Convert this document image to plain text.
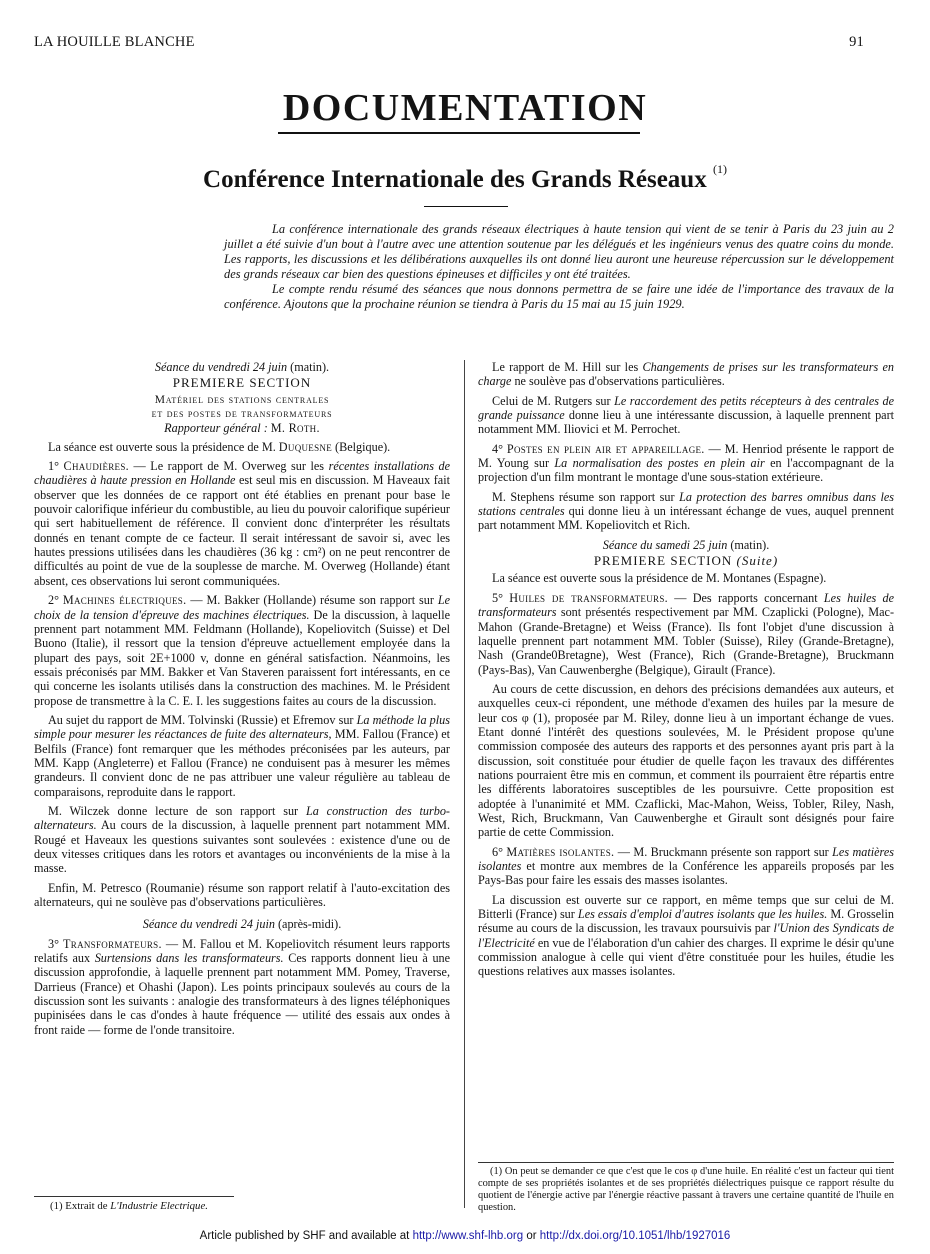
LA HOUILLE BLANCHE	91
DOCUMENTATION
Conférence Internationale des Grands Réseaux $^{(1)}$

La conférence internationale des grands réseaux électriques à haute tension qui vient de se tenir à Paris du 23 juin au 2 juillet a été suivie d'un bout à l'autre avec une attention soutenue par les délégués et les ingénieurs venus des quatre coins du monde. Les rapports, les discussions et les délibérations auxquelles ils ont donné lieu auront une heureuse répercussion sur le développement des grands réseaux car bien des questions épineuses et difficiles y ont été traitées.

Le compte rendu résumé des séances que nous donnons permettra de se faire une idée de l'importance des travaux de la conférence. Ajoutons que la prochaine réunion se tiendra à Paris du 15 mai au 15 juin 1929.

Séance du vendredi 24 juin (matin).

PREMIERE SECTION

Matériel des stations centrales

et des postes de transformateurs

Rapporteur général : M. Roth.

La séance est ouverte sous la présidence de M. Duquesne (Belgique).

1° Chaudières. — Le rapport de M. Overweg sur les récentes installations de chaudières à haute pression en Hollande est seul mis en discussion. M Haveaux fait observer que les données de ce rapport ont été établies en prenant pour base le pouvoir calorifique inférieur du combustible, au lieu du pouvoir calorifique supérieur qui sert habituellement de référence. Il convient donc d'interpréter les résultats donnés en tenant compte de ce facteur. Il serait intéressant de savoir si, avec les hautes pressions utilisées dans les chaudières (36 kg : cm²) on ne peut rencontrer de difficultés au point de vue de la souplesse de marche. M. Overweg (Hollande) étant absent, ces observations lui seront communiquées.

2° Machines électriques. — M. Bakker (Hollande) résume son rapport sur Le choix de la tension d'épreuve des machines électriques. De la discussion, à laquelle prennent part notamment MM. Feldmann (Hollande), Kopeliovitch (Suisse) et Del Buono (Italie), il ressort que la tension d'épreuve actuellement employée dans la plupart des pays, soit 2E+1000 v, donne en général satisfaction. Néanmoins, les essais préconisés par MM. Bakker et Van Staveren paraissent fort intéressants, en ce qui concerne les isolants utilisés dans la construction des machines. M. le Président propose de transmettre à la C. E. I. les suggestions faites au cours de la discussion.

Au sujet du rapport de MM. Tolvinski (Russie) et Efremov sur La méthode la plus simple pour mesurer les réactances de fuite des alternateurs, MM. Fallou (France) et Belfils (France) font remarquer que les méthodes préconisées par les auteurs, par MM. Kapp (Angleterre) et Fallou (France) ne conduisent pas à mesurer les mêmes grandeurs. Il convient donc de ne pas attribuer une valeur régulière au tableau de comparaisons, reproduite dans le rapport.

M. Wilczek donne lecture de son rapport sur La construction des turbo-alternateurs. Au cours de la discussion, à laquelle prennent part notamment MM. Rougé et Haveaux les questions suivantes sont soulevées : existence d'une ou de deux vitesses critiques dans les rotors et avantages ou inconvénients de la mise à la masse.

Enfin, M. Petresco (Roumanie) résume son rapport relatif à l'auto-excitation des alternateurs, qui ne soulève pas d'observations particulières.

Séance du vendredi 24 juin (après-midi).

3° Transformateurs. — M. Fallou et M. Kopeliovitch résument leurs rapports relatifs aux Surtensions dans les transformateurs. Ces rapports donnent lieu à une discussion approfondie, à laquelle prennent part notamment MM. Pomey, Traverse, Darrieus (France) et Ohashi (Japon). Les points principaux soulevés au cours de la discussion sont les suivants : analogie des transformateurs à des lignes téléphoniques pupinisées dans le cas d'ondes à haute fréquence — utilité des essais aux ondes à front raide — forme de l'onde transitoire.

Le rapport de M. Hill sur les Changements de prises sur les transformateurs en charge ne soulève pas d'observations particulières.

Celui de M. Rutgers sur Le raccordement des petits récepteurs à des centrales de grande puissance donne lieu à une intéressante discussion, à laquelle prennent part notamment MM. Iliovici et M. Perrochet.

4° Postes en plein air et appareillage. — M. Henriod présente le rapport de M. Young sur La normalisation des postes en plein air en l'accompagnant de la projection d'un film montrant le montage d'une sous-station extérieure.

M. Stephens résume son rapport sur La protection des barres omnibus dans les stations centrales qui donne lieu à un intéressant échange de vues, auquel prennent part notamment MM. Kopeliovitch et Rich.

Séance du samedi 25 juin (matin).

PREMIERE SECTION (Suite)

La séance est ouverte sous la présidence de M. Montanes (Espagne).

5° Huiles de transformateurs. — Des rapports concernant Les huiles de transformateurs sont présentés respectivement par MM. Czaplicki (Pologne), Mac-Mahon (Grande-Bretagne) et Weiss (France). Ils font l'objet d'une discussion à laquelle prennent part notamment MM. Tobler (Suisse), Riley (Grande-Bretagne), Nash (Grande0Bretagne), West (France), Rich (Grande-Bretagne), Bruckmann (Pays-Bas), Van Cauwenberghe (Belgique), Girault (France).

Au cours de cette discussion, en dehors des précisions demandées aux auteurs, et auxquelles ceux-ci répondent, une méthode d'examen des huiles par la mesure de leur cos φ (1), proposée par M. Riley, donne lieu à un important échange de vues. Etant donné l'intérêt des questions soulevées, M. le Président propose qu'une commission composée des auteurs des rapports et des personnes ayant pris part à la discussion, soit constituée pour étudier de quelle façon les travaux des différentes nations pourraient être mis en commun, et comment ils pourraient être répartis entre les différents laboratoires susceptibles de les poursuivre. Cette proposition est adoptée à l'unanimité et MM. Czaflicki, Mac-Mahon, Weiss, Tobler, Riley, Nash, West, Rich, Bruckmann, Van Cauwenberghe et Girault sont désignés pour faire partie de cette Commission.

6° Matières isolantes. — M. Bruckmann présente son rapport sur Les matières isolantes et montre aux membres de la Conférence les appareils proposés par les Pays-Bas pour faire les essais des masses isolantes.

La discussion est ouverte sur ce rapport, en même temps que sur celui de M. Bitterli (France) sur Les essais d'emploi d'autres isolants que les huiles. M. Grosselin résume au cours de la discussion, les travaux poursuivis par l'Union des Syndicats de l'Electricité en vue de l'élaboration d'un cahier des charges. Il exprime le désir qu'une commission analogue à celle qui vient d'être constituée pour les huiles, étudie les questions relatives aux masses isolantes.

(1) Extrait de L'Industrie Electrique.
(1) On peut se demander ce que c'est que le cos φ d'une huile. En réalité c'est un facteur qui tient compte de ses propriétés isolantes et de ses propriétés diélectriques puisque ce rapport résulte du quotient de l'énergie active par l'énergie réactive passant à travers une certaine quantité de l'huile en question.
Article published by SHF and available at http://www.shf-lhb.org or http://dx.doi.org/10.1051/lhb/1927016
